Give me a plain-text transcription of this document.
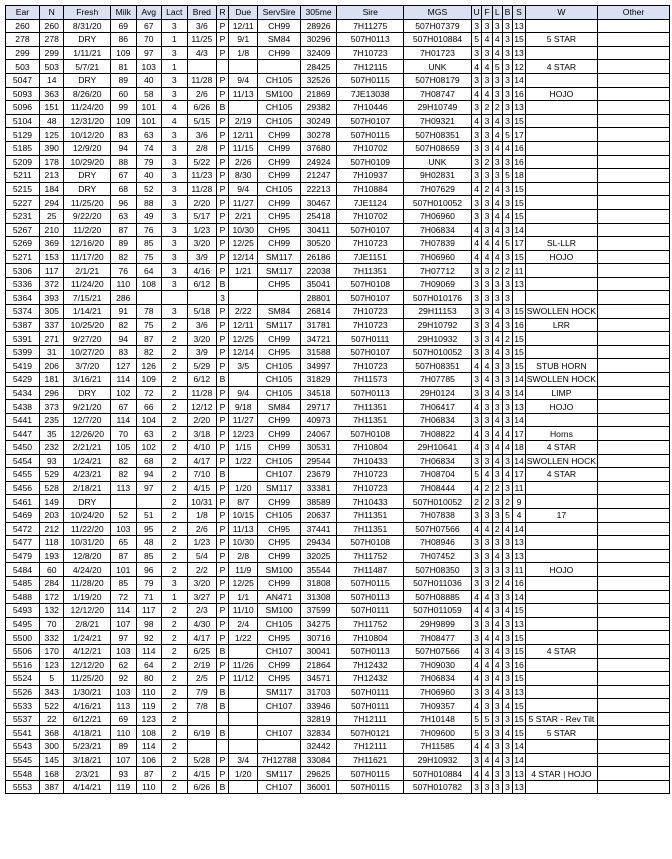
Ear	N	Fresh	Milk	Avg	Lact	Bred	R	Due	ServSire	305me	Sire	MGS	U	F	L	B	S	W	Other
260	260	8/31/20	69	67	3	3/6	P	12/11	CH99	28926	7H11275	507H07379	3	3	3	3	13		
278	278	DRY	86	70	1	11/25	P	9/1	SM84	30296	507H0113	507H010884	5	4	4	3	15	5 STAR	
299	299	1/11/21	109	97	3	4/3	P	1/8	CH99	32409	7H10723	7H01723	3	3	4	3	13		
503	503	5/7/21	81	103	1					28425	7H12115	UNK	4	4	5	3	12	4 STAR	
5047	14	DRY	89	40	3	11/28	P	9/4	CH105	32526	507H0115	507H08179	3	3	3	3	14		
5093	363	8/26/20	60	58	3	2/6	P	11/13	SM100	21869	7JE13038	7H08747	4	4	3	3	16	HOJO	
5096	151	11/24/20	99	101	4	6/26	B		CH105	29382	7H10446	29H10749	3	2	2	3	13		
5104	48	12/31/20	109	101	4	5/15	P	2/19	CH105	30249	507H0107	7H09321	4	3	4	3	15		
5129	125	10/12/20	83	63	3	3/6	P	12/11	CH99	30278	507H0115	507H08351	3	3	4	5	17		
5185	390	12/9/20	94	74	3	2/8	P	11/15	CH99	37680	7H10702	507H08659	3	3	4	4	16		
5209	178	10/29/20	88	79	3	5/22	P	2/26	CH99	24924	507H0109	UNK	3	2	3	3	16		
5211	213	DRY	67	40	3	11/23	P	8/30	CH99	21247	7H10937	9H02831	3	3	3	5	18		
5215	184	DRY	68	52	3	11/28	P	9/4	CH105	22213	7H10884	7H07629	4	2	4	3	15		
5227	294	11/25/20	96	88	3	2/20	P	11/27	CH99	30467	7JE1124	507H010052	3	3	4	3	15		
5231	25	9/22/20	63	49	3	5/17	P	2/21	CH95	25418	7H10702	7H06960	3	3	4	4	15		
5267	210	11/2/20	87	76	3	1/23	P	10/30	CH95	30411	507H0107	7H06834	4	3	4	3	14		
5269	369	12/16/20	89	85	3	3/20	P	12/25	CH99	30520	7H10723	7H07839	4	4	4	5	17	SL-LLR	
5271	153	11/17/20	82	75	3	3/9	P	12/14	SM117	26186	7JE1151	7H06960	4	4	4	3	15	HOJO	
5306	117	2/1/21	76	64	3	4/16	P	1/21	SM117	22038	7H11351	7H07712	3	3	2	2	11		
5336	372	11/24/20	110	108	3	6/12	B		CH95	35041	507H0108	7H09069	3	3	3	3	13		
5364	393	7/15/21	286				3			28801	507H0107	507H010176	3	3	3	3			
5374	305	1/14/21	91	78	3	5/18	P	2/22	SM84	26814	7H10723	29H11153	3	3	4	3	15	SWOLLEN HOCK	
5387	337	10/25/20	82	75	2	3/6	P	12/11	SM117	31781	7H10723	29H10792	3	3	4	3	16	LRR	
5391	271	9/27/20	94	87	2	3/20	P	12/25	CH99	34721	507H0111	29H10932	3	3	4	2	15		
5399	31	10/27/20	83	82	2	3/9	P	12/14	CH95	31588	507H0107	507H010052	3	3	4	3	15		
5419	206	3/7/20	127	126	2	5/29	P	3/5	CH105	34997	7H10723	507H08351	4	4	3	3	15	STUB HORN	
5429	181	3/16/21	114	109	2	6/12	B		CH105	31829	7H11573	7H07785	3	4	3	3	14	SWOLLEN HOCK	
5434	296	DRY	102	72	2	11/28	P	9/4	CH105	34518	507H0113	29H0124	3	3	4	3	14	LIMP	
5438	373	9/21/20	67	66	2	12/12	P	9/18	SM84	29717	7H11351	7H06417	4	3	3	3	13	HOJO	
5441	235	12/7/20	114	104	2	2/20	P	11/27	CH99	40973	7H11351	7H06834	3	3	4	3	14		
5447	35	12/26/20	70	63	2	3/18	P	12/23	CH99	24067	507H0108	7H08822	4	3	4	4	17	Horns	
5450	232	2/21/21	105	102	2	4/10	P	1/15	CH99	30531	7H10804	29H10641	4	3	4	4	18	4 STAR	
5454	93	1/24/21	82	68	2	4/17	P	1/22	CH105	29544	7H10433	7H06834	3	3	4	3	14	SWOLLEN HOCK	
5455	529	4/23/21	82	94	2	7/10	B		CH107	23679	7H10723	7H08704	5	4	3	4	17	4 STAR	
5456	528	2/18/21	113	97	2	4/15	P	1/20	SM117	33381	7H10723	7H08444	4	2	2	3	11		
5461	149	DRY			2	10/31	P	8/7	CH99	38589	7H10433	507H010052	2	2	3	2	9		
5469	203	10/24/20	52	51	2	1/8	P	10/15	CH105	20637	7H11351	7H07838	3	3	3	5	4	17	
5472	212	11/22/20	103	95	2	2/6	P	11/13	CH95	37441	7H11351	507H07566	4	4	2	4	14		
5477	118	10/31/20	65	48	2	1/23	P	10/30	CH95	29434	507H0108	7H08946	3	3	3	3	13		
5479	193	12/8/20	87	85	2	5/4	P	2/8	CH99	32025	7H11752	7H07452	3	3	4	3	13		
5484	60	4/24/20	101	96	2	2/2	P	11/9	SM100	35544	7H11487	507H08350	3	3	3	3	11	HOJO	
5485	284	11/28/20	85	79	3	3/20	P	12/25	CH99	31808	507H0115	507H011036	3	3	2	4	16		
5488	172	1/19/20	72	71	1	3/27	P	1/1	AN471	31308	507H0113	507H08885	4	4	3	3	14		
5493	132	12/12/20	114	117	2	2/3	P	11/10	SM100	37599	507H0111	507H011059	4	4	3	4	15		
5495	70	2/8/21	107	98	2	4/30	P	2/4	CH105	34275	7H11752	29H9899	3	3	4	3	13		
5500	332	1/24/21	97	92	2	4/17	P	1/22	CH95	30716	7H10804	7H08477	3	4	4	3	15		
5506	170	4/12/21	103	114	2	6/25	B		CH107	30041	507H0113	507H07566	4	3	4	3	15	4 STAR	
5516	123	12/12/20	62	64	2	2/19	P	11/26	CH99	21864	7H12432	7H09030	4	4	4	3	16		
5524	5	11/25/20	92	80	2	2/5	P	11/12	CH95	34571	7H12432	7H06834	4	3	4	3	15		
5526	343	1/30/21	103	110	2	7/9	B		SM117	31703	507H0111	7H06960	3	3	4	3	13		
5533	522	4/16/21	113	119	2	7/8	B		CH107	33946	507H0111	7H09357	4	3	3	4	15		
5537	22	6/12/21	69	123	2					32819	7H12111	7H10148	5	5	3	3	15	5 STAR - Rev Tilt	
5541	368	4/18/21	110	108	2	6/19	B		CH107	32834	507H0121	7H09600	5	3	3	4	15	5 STAR	
5543	300	5/23/21	89	114	2					32442	7H12111	7H11585	4	4	3	3	14		
5545	145	3/18/21	107	106	2	5/28	P	3/4	7H12788	33084	7H11621	29H10932	3	4	4	3	14		
5548	168	2/3/21	93	87	2	4/15	P	1/20	SM117	29625	507H0115	507H010884	4	4	3	3	13	4 STAR | HOJO	
5553	387	4/14/21	119	110	2	6/26	B		CH107	36001	507H0115	507H010782	3	3	3	3	13		
